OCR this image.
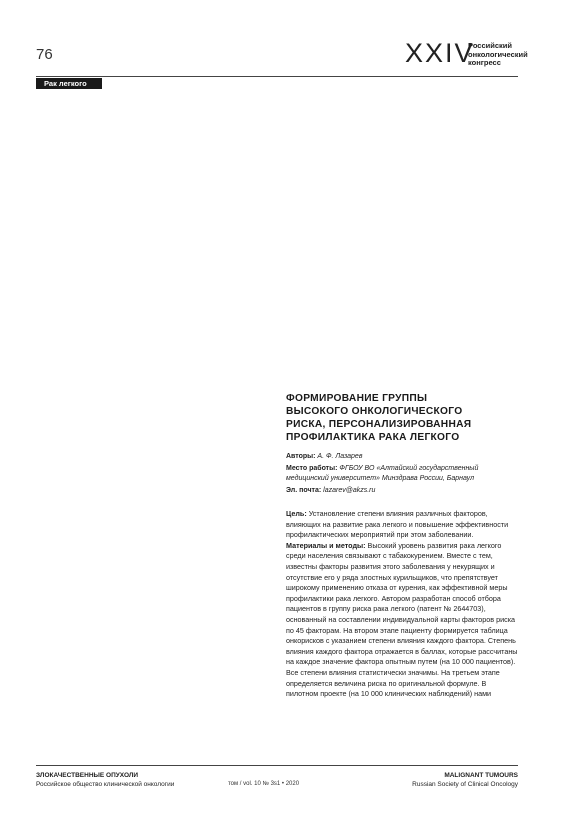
76	XXIV
Российский
онкологический
конгресс
Рак легкого
ФОРМИРОВАНИЕ ГРУППЫ
ВЫСОКОГО ОНКОЛОГИЧЕСКОГО
РИСКА, ПЕРСОНАЛИЗИРОВАННАЯ
ПРОФИЛАКТИКА РАКА ЛЕГКОГО
Авторы: А. Ф. Лазарев
Место работы: ФГБОУ ВО «Алтайский государственный медицинский университет» Минздрава России, Барнаул
Эл. почта: lazarev@akzs.ru

Цель: Установление степени влияния различных факторов, влияющих на развитие рака легкого и повышение эффективности профилактических мероприятий при этом заболевании.

Материалы и методы: Высокий уровень развития рака легкого среди населения связывают с табакокурением. Вместе с тем, известны факторы развития этого заболевания у некурящих и отсутствие его у ряда злостных курильщиков, что препятствует широкому применению отказа от курения, как эффективной меры профилактики рака легкого. Автором разработан способ отбора пациентов в группу риска рака легкого (патент № 2644703), основанный на составлении индивидуальной карты факторов риска по 45 факторам. На втором этапе пациенту формируется таблица онкорисков с указанием степени влияния каждого фактора. Степень влияния каждого фактора отражается в баллах, которые рассчитаны на каждое значение фактора опытным путем (на 10 000 пациентов).

Все степени влияния статистически значимы. На третьем этапе определяется величина риска по оригинальной формуле. В пилотном проекте (на 10 000 клинических наблюдений) нами

ЗЛОКАЧЕСТВЕННЫЕ ОПУХОЛИ
Российское общество клинической онкологии	том / vol. 10 № 3s1 • 2020
MALIGNANT TUMOURS
Russian Society of Clinical Oncology
